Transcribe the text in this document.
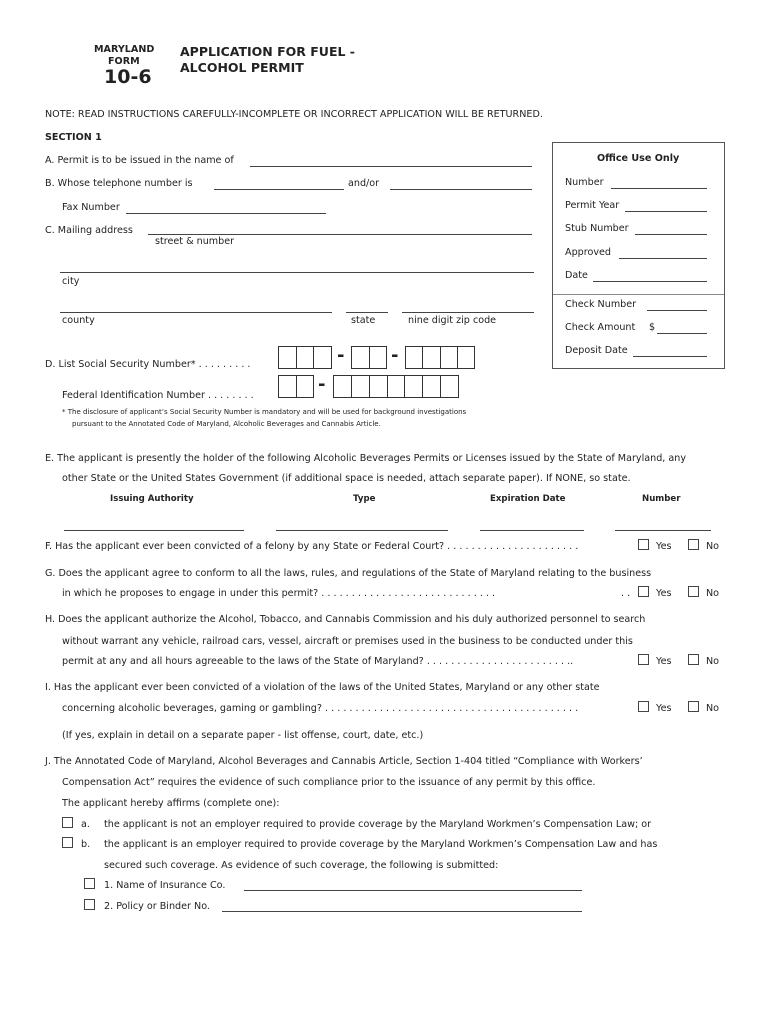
MARYLAND
FORM
10-6
APPLICATION FOR FUEL -
ALCOHOL PERMIT
NOTE: READ INSTRUCTIONS CAREFULLY-INCOMPLETE OR INCORRECT APPLICATION WILL BE RETURNED.
SECTION 1
Office Use Only
Number
Permit Year
Stub Number
Approved
Date
Check Number
Check Amount $
Deposit Date
A. Permit is to be issued in the name of
B. Whose telephone number is	and/or
Fax Number
C. Mailing address
street & number
city
county	state	nine digit zip code
D. List Social Security Number* . . . . . . . . .	-	-
Federal Identification Number . . . . . . . .
-
* The disclosure of applicant’s Social Security Number is mandatory and will be used for background investigations
pursuant to the Annotated Code of Maryland, Alcoholic Beverages and Cannabis Article.
E. The applicant is presently the holder of the following Alcoholic Beverages Permits or Licenses issued by the State of Maryland, any
other State or the United States Government (if additional space is needed, attach separate paper). If NONE, so state.
Issuing Authority	Type	Expiration Date	Number
F. Has the applicant ever been convicted of a felony by any State or Federal Court? . . . . . . . . . . . . . . . . . . . . . .	Yes	No
G. Does the applicant agree to conform to all the laws, rules, and regulations of the State of Maryland relating to the business
in which he proposes to engage in under this permit? . . . . . . . . . . . . . . . . . . . . . . . . . . . . .	. .	Yes	No
H. Does the applicant authorize the Alcohol, Tobacco, and Cannabis Commission and his duly authorized personnel to search
without warrant any vehicle, railroad cars, vessel, aircraft or premises used in the business to be conducted under this
permit at any and all hours agreeable to the laws of the State of Maryland? . . . . . . . . . . . . . . . . . . . . . . . ..	Yes	No
I. Has the applicant ever been convicted of a violation of the laws of the United States, Maryland or any other state
concerning alcoholic beverages, gaming or gambling? . . . . . . . . . . . . . . . . . . . . . . . . . . . . . . . . . . . . . . . . . .	Yes	No
(If yes, explain in detail on a separate paper - list offense, court, date, etc.)
J. The Annotated Code of Maryland, Alcohol Beverages and Cannabis Article, Section 1-404 titled “Compliance with Workers’
Compensation Act” requires the evidence of such compliance prior to the issuance of any permit by this office.
The applicant hereby affirms (complete one):
a. the applicant is not an employer required to provide coverage by the Maryland Workmen’s Compensation Law; or
b. the applicant is an employer required to provide coverage by the Maryland Workmen’s Compensation Law and has
secured such coverage. As evidence of such coverage, the following is submitted:
1. Name of Insurance Co.
2. Policy or Binder No.
